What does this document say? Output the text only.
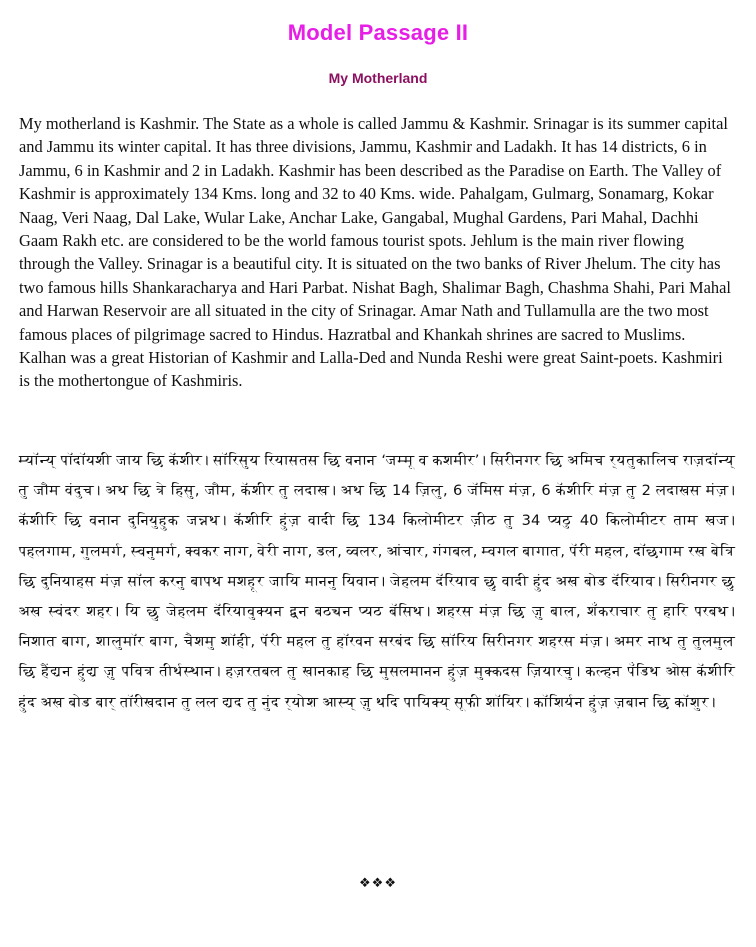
Model Passage II
My Motherland

My motherland is Kashmir. The State as a whole is called Jammu & Kashmir. Srinagar is its summer capital and Jammu its winter capital. It has three divisions, Jammu, Kashmir and Ladakh. It has 14 districts, 6 in Jammu, 6 in Kashmir and 2 in Ladakh. Kashmir has been described as the Paradise on Earth. The Valley of Kashmir is approximately 134 Kms. long and 32 to 40 Kms. wide. Pahalgam, Gulmarg, Sonamarg, Kokar Naag, Veri Naag, Dal Lake, Wular Lake, Anchar Lake, Gangabal, Mughal Gardens, Pari Mahal, Dachhi Gaam Rakh etc. are considered to be the world famous tourist spots. Jehlum is the main river flowing through the Valley. Srinagar is a beautiful city. It is situated on the two banks of River Jhelum. The city has two famous hills Shankaracharya and Hari Parbat. Nishat Bagh, Shalimar Bagh, Chashma Shahi, Pari Mahal and Harwan Reservoir are all situated in the city of Srinagar. Amar Nath and Tullamulla are the two most famous places of pilgrimage sacred to Hindus. Hazratbal and Khankah shrines are sacred to Muslims. Kalhan was a great Historian of Kashmir and Lalla-Ded and Nunda Reshi were great Saint-poets. Kashmiri is the mothertongue of Kashmiris.

म्यॉन्य् पॉदॉयशी जाय छि कॅशीर। सॉरिसुय रियासतस छि वनान ‘जम्मू व कशमीर’। सिरीनगर छि अमिच र्‌यतुकालिच राज़दॉन्य् तु जौम वंदुच। अथ छि त्रे हिसु, जौम, कॅशीर तु लदाख। अथ छि 14 ज़िलु, 6 जॅमिस मंज़, 6 कॅशीरि मंज़ तु 2 लदाखस मंज़। कॅशीरि छि वनान दुनियुहुक जन्नथ। कॅशीरि हुंज़ वादी छि 134 किलोमीटर ज़ीठ तु 34 प्यठु 40 किलोमीटर ताम खज। पहलगाम, गुलमर्ग, स्वनुमर्ग, क्वकर नाग, वेरी नाग, डल, व्वलर, आंचार, गंगबल, म्वगल बागात, पॅरी महल, दॉछगाम रख बेत्रि छि दुनियाहस मंज़ सॉल करनु बापथ मशहूर जायि माननु यिवान। जेहलम दॅरियाव छु वादी हुंद अख बोड दॅरियाव। सिरीनगर छु अख स्वंदर शहर। यि छु जेहलम दॅरियावुक्यन द्वन बठ्यन प्यठ बॅसिथ। शहरस मंज़ छि ज़ु बाल, शॅंकराचार तु हारि परबथ। निशात बाग, शालुमॉर बाग, चैशमु शॉही, पॅरी महल तु हॉरवन सरबंद छि सॉरिय सिरीनगर शहरस मंज़। अमर नाथ तु तुलमुल छि हैंद्यन हुंद्य ज़ु पवित्र तीर्थस्थान। हज़रतबल तु खानकाह छि मुसलमानन हुंज़ मुक्कदस ज़ियारचु। कल्हन पॅंडिथ ओस कॅशीरि हुंद अख बोड बार् तॉरीखदान तु लल द्यद तु नुंद र्‌योश आस्य् ज़ु थदि पायिक्य् सूफी शॉयिर। कॉशिर्यन हुंज़ ज़बान छि कॉशुर।

❖❖❖
